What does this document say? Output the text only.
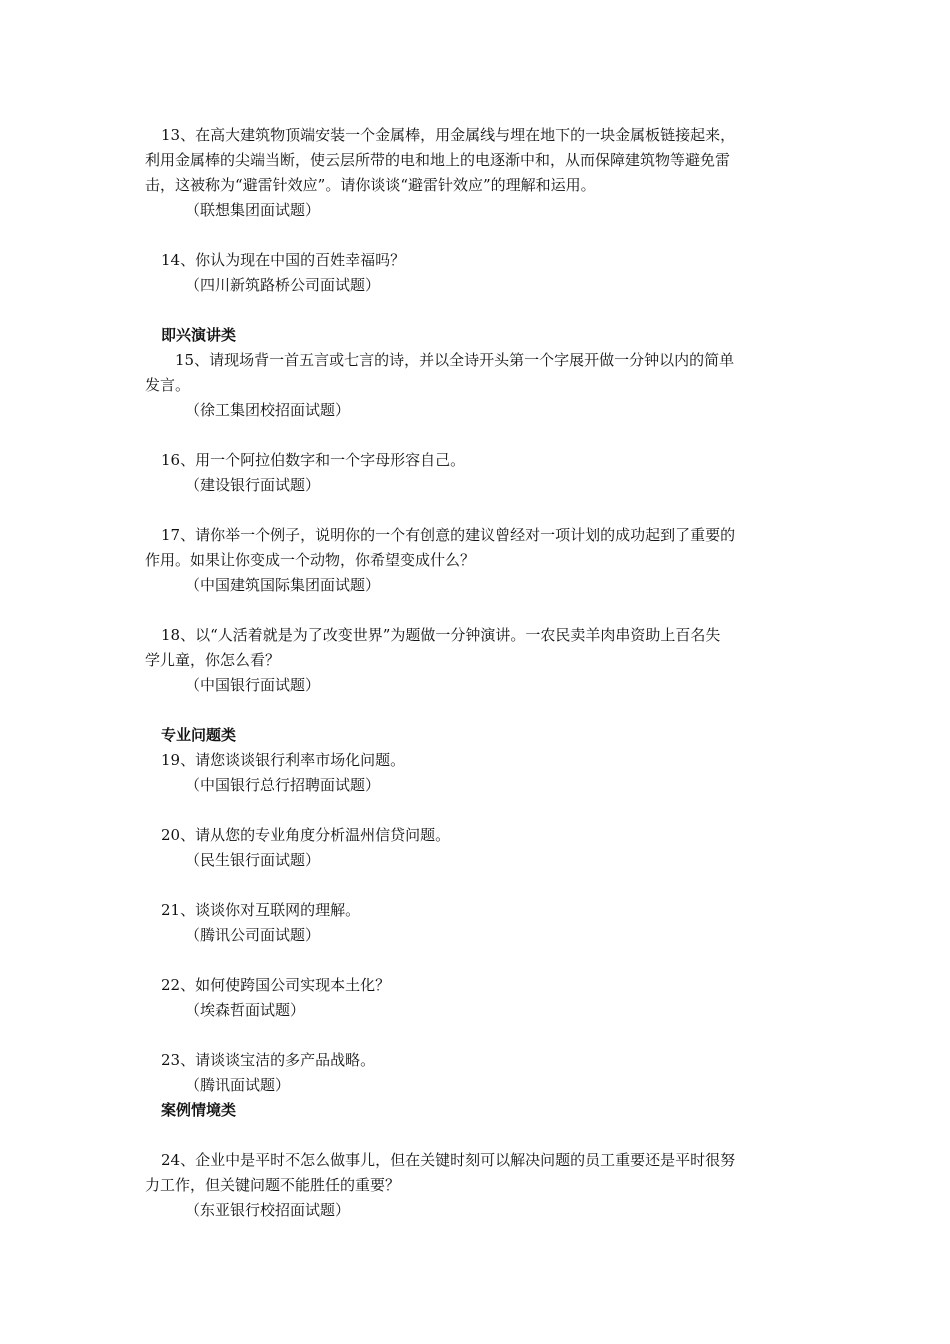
13、在高大建筑物顶端安装一个金属棒，用金属线与埋在地下的一块金属板链接起来，
利用金属棒的尖端当断，使云层所带的电和地上的电逐渐中和，从而保障建筑物等避免雷
击，这被称为“避雷针效应”。请你谈谈“避雷针效应”的理解和运用。
（联想集团面试题）
14、你认为现在中国的百姓幸福吗？
（四川新筑路桥公司面试题）
即兴演讲类
15、请现场背一首五言或七言的诗，并以全诗开头第一个字展开做一分钟以内的简单
发言。
（徐工集团校招面试题）
16、用一个阿拉伯数字和一个字母形容自己。
（建设银行面试题）
17、请你举一个例子，说明你的一个有创意的建议曾经对一项计划的成功起到了重要的
作用。如果让你变成一个动物，你希望变成什么？
（中国建筑国际集团面试题）
18、以“人活着就是为了改变世界”为题做一分钟演讲。一农民卖羊肉串资助上百名失
学儿童，你怎么看？
（中国银行面试题）
专业问题类
19、请您谈谈银行利率市场化问题。
（中国银行总行招聘面试题）
20、请从您的专业角度分析温州信贷问题。
（民生银行面试题）
21、谈谈你对互联网的理解。
（腾讯公司面试题）
22、如何使跨国公司实现本土化？
（埃森哲面试题）
23、请谈谈宝洁的多产品战略。
（腾讯面试题）
案例情境类
24、企业中是平时不怎么做事儿，但在关键时刻可以解决问题的员工重要还是平时很努
力工作，但关键问题不能胜任的重要？
（东亚银行校招面试题）
